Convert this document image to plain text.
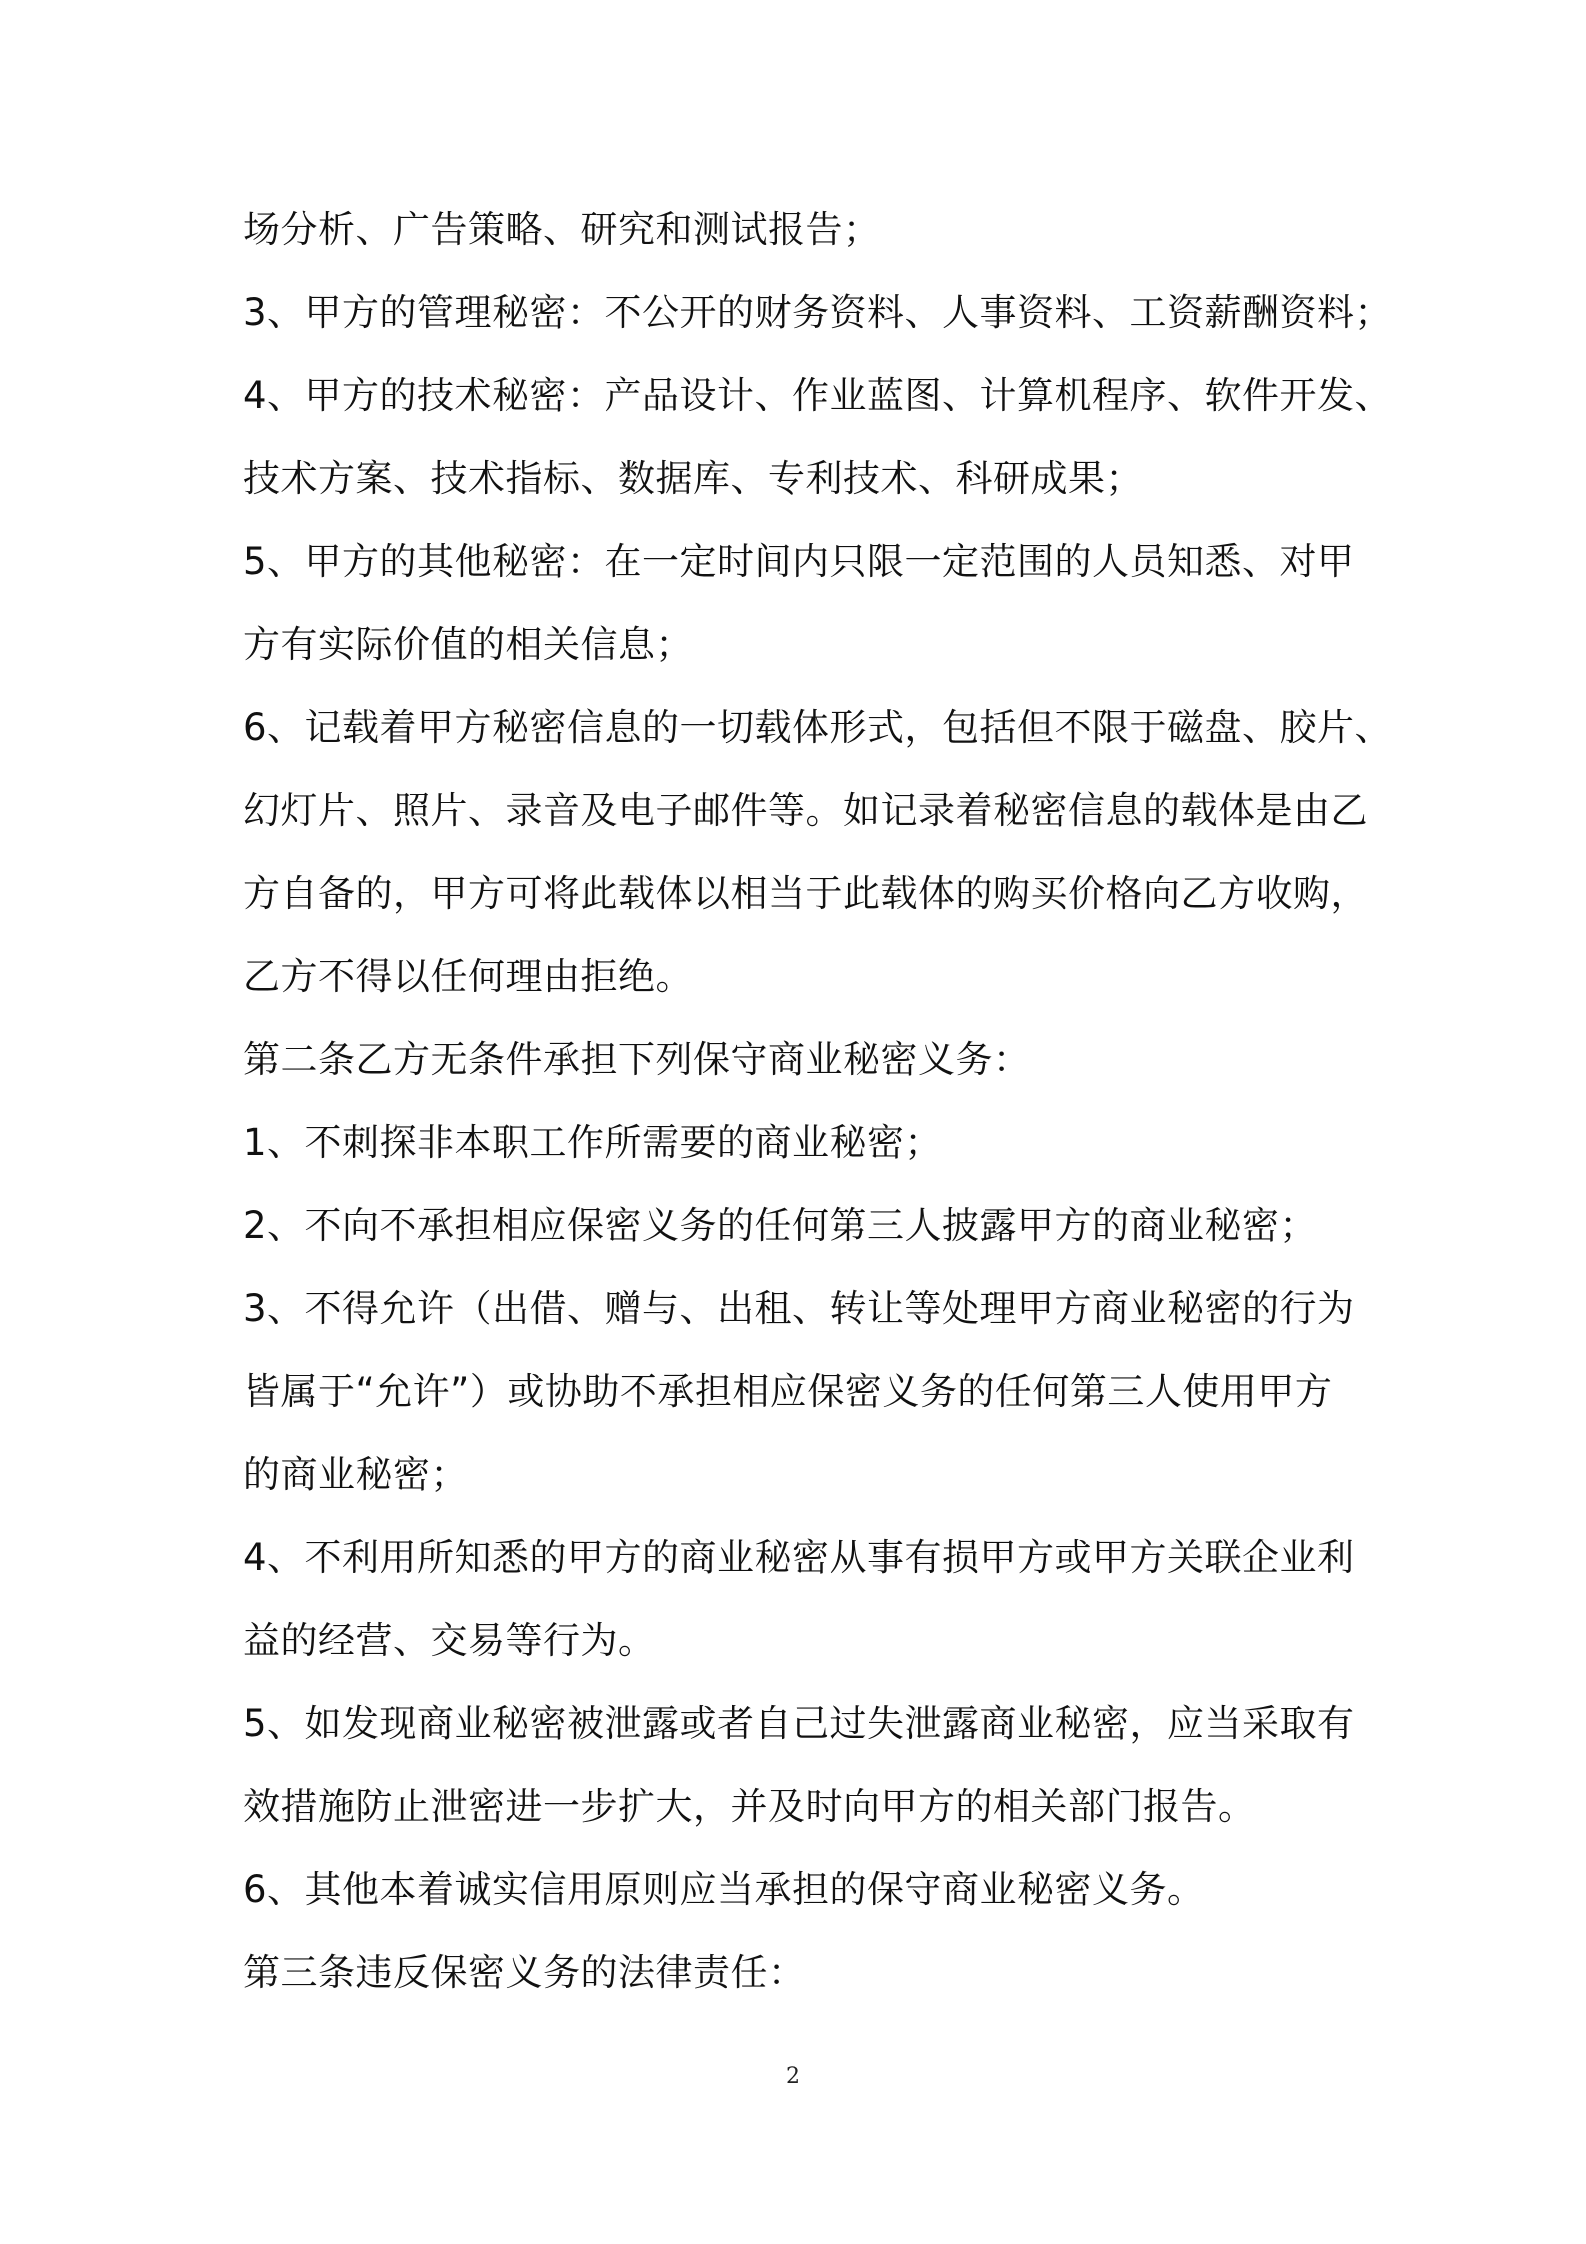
场分析、广告策略、研究和测试报告；
3、甲方的管理秘密：不公开的财务资料、人事资料、工资薪酬资料；
4、甲方的技术秘密：产品设计、作业蓝图、计算机程序、软件开发、
技术方案、技术指标、数据库、专利技术、科研成果；
5、甲方的其他秘密：在一定时间内只限一定范围的人员知悉、对甲
方有实际价值的相关信息；
6、记载着甲方秘密信息的一切载体形式，包括但不限于磁盘、胶片、
幻灯片、照片、录音及电子邮件等。如记录着秘密信息的载体是由乙
方自备的，甲方可将此载体以相当于此载体的购买价格向乙方收购，
乙方不得以任何理由拒绝。
第二条乙方无条件承担下列保守商业秘密义务：
1、不刺探非本职工作所需要的商业秘密；
2、不向不承担相应保密义务的任何第三人披露甲方的商业秘密；
3、不得允许（出借、赠与、出租、转让等处理甲方商业秘密的行为
皆属于“允许”）或协助不承担相应保密义务的任何第三人使用甲方
的商业秘密；
4、不利用所知悉的甲方的商业秘密从事有损甲方或甲方关联企业利
益的经营、交易等行为。
5、如发现商业秘密被泄露或者自己过失泄露商业秘密，应当采取有
效措施防止泄密进一步扩大，并及时向甲方的相关部门报告。
6、其他本着诚实信用原则应当承担的保守商业秘密义务。
第三条违反保密义务的法律责任：
2
